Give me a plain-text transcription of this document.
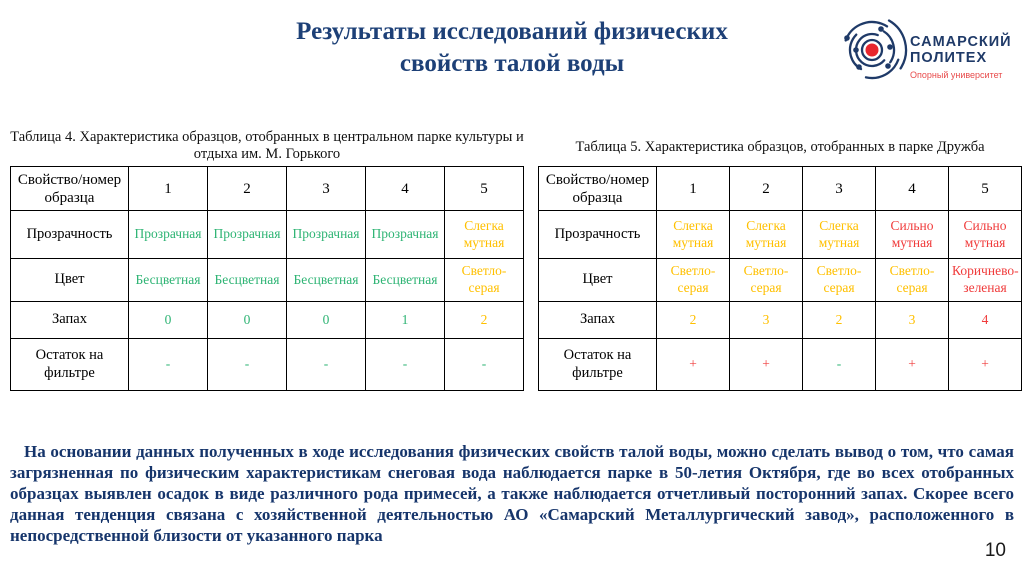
Результаты исследований физических
свойств талой воды
САМАРСКИЙ
ПОЛИТЕХ
Опорный университет
Таблица 4. Характеристика образцов, отобранных в центральном парке культуры и отдыха им. М. Горького
Свойство/номер образца	1	2	3	4	5
Прозрачность	Прозрачная	Прозрачная	Прозрачная	Прозрачная	Слегка мутная
Цвет	Бесцветная	Бесцветная	Бесцветная	Бесцветная	Светло-серая
Запах	0	0	0	1	2
Остаток на фильтре	-	-	-	-	-
Таблица 5. Характеристика образцов, отобранных в парке Дружба
Свойство/номер образца	1	2	3	4	5
Прозрачность	Слегка мутная	Слегка мутная	Слегка мутная	Сильно мутная	Сильно мутная
Цвет	Светло-серая	Светло-серая	Светло-серая	Светло-серая	Коричнево-зеленая
Запах	2	3	2	3	4
Остаток на фильтре	+	+	-	+	+

На основании данных полученных в ходе исследования физических свойств талой воды, можно сделать вывод о том, что самая загрязненная по физическим характеристикам снеговая вода наблюдается парке в 50-летия Октября, где во всех отобранных образцах выявлен осадок в виде различного рода примесей, а также наблюдается отчетливый посторонний запах. Скорее всего данная тенденция связана с хозяйственной деятельностью АО «Самарский Металлургический завод», расположенного в непосредственной близости от указанного парка

10
